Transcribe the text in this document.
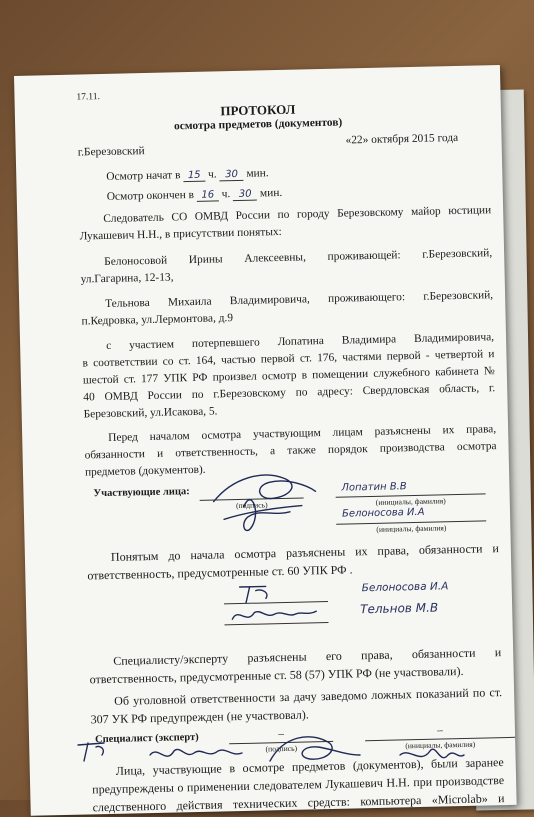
17.11.
ПРОТОКОЛ
осмотра предметов (документов)
г.Березовский
«22» октября 2015 года
Осмотр начат в 15 ч. 30 мин.
Осмотр окончен в 16 ч. 30 мин.
Следователь СО ОМВД России по городу Березовскому майор юстиции
Лукашевич Н.Н., в присутствии понятых:
Белоносовой Ирины Алексеевны, проживающей: г.Березовский,
ул.Гагарина, 12-13,
Тельнова Михаила Владимировича, проживающего: г.Березовский,
п.Кедровка, ул.Лермонтова, д.9
с участием потерпевшего Лопатина Владимира Владимировича,
в соответствии со ст. 164, частью первой ст. 176, частями первой - четвертой и
шестой ст. 177 УПК РФ произвел осмотр в помещении служебного кабинета №
40 ОМВД России по г.Березовскому по адресу: Свердловская область, г.
Березовский, ул.Исакова, 5.
Перед началом осмотра участвующим лицам разъяснены их права,
обязанности и ответственность, а также порядок производства осмотра
предметов (документов).
Участвующие лица:
(подпись)	(инициалы, фамилия)
Лопатин В.В
Белоносова И.А
(инициалы, фамилия)
Понятым до начала осмотра разъяснены их права, обязанности и
ответственность, предусмотренные ст. 60 УПК РФ .
Белоносова И.А
Тельнов М.В
Специалисту/эксперту разъяснены его права, обязанности и
ответственность, предусмотренные ст. 58 (57) УПК РФ (не участвовали).
Об уголовной ответственности за дачу заведомо ложных показаний по ст.
307 УК РФ предупрежден (не участвовал).
Специалист (эксперт)	–
(подпись)
–
(инициалы, фамилия)
Лица, участвующие в осмотре предметов (документов), были заранее
предупреждены о применении следователем Лукашевич Н.Н. при производстве
следственного действия технических средств: компьютера «Microlab» и
